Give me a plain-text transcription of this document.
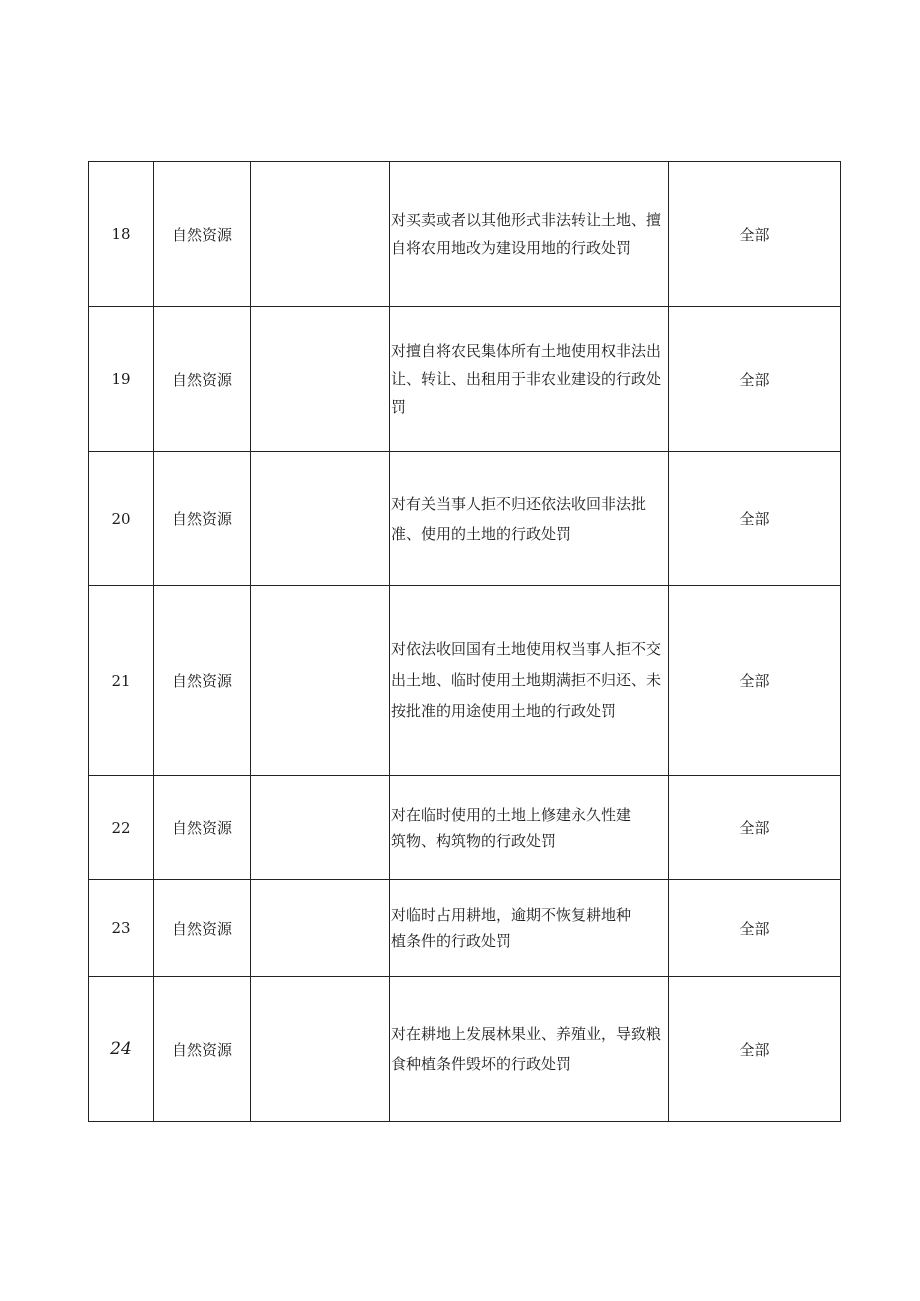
18	自然资源		对买卖或者以其他形式非法转让土地、擅自将农用地改为建设用地的行政处罚	全部
19	自然资源		对擅自将农民集体所有土地使用权非法出让、转让、出租用于非农业建设的行政处罚	全部
20	自然资源		对有关当事人拒不归还依法收回非法批准、使用的土地的行政处罚	全部
21	自然资源		对依法收回国有土地使用权当事人拒不交出土地、临时使用土地期满拒不归还、未按批准的用途使用土地的行政处罚	全部
22	自然资源		对在临时使用的土地上修建永久性建筑物、构筑物的行政处罚	全部
23	自然资源		对临时占用耕地，逾期不恢复耕地种植条件的行政处罚	全部
24	自然资源		对在耕地上发展林果业、养殖业，导致粮食种植条件毁坏的行政处罚	全部
